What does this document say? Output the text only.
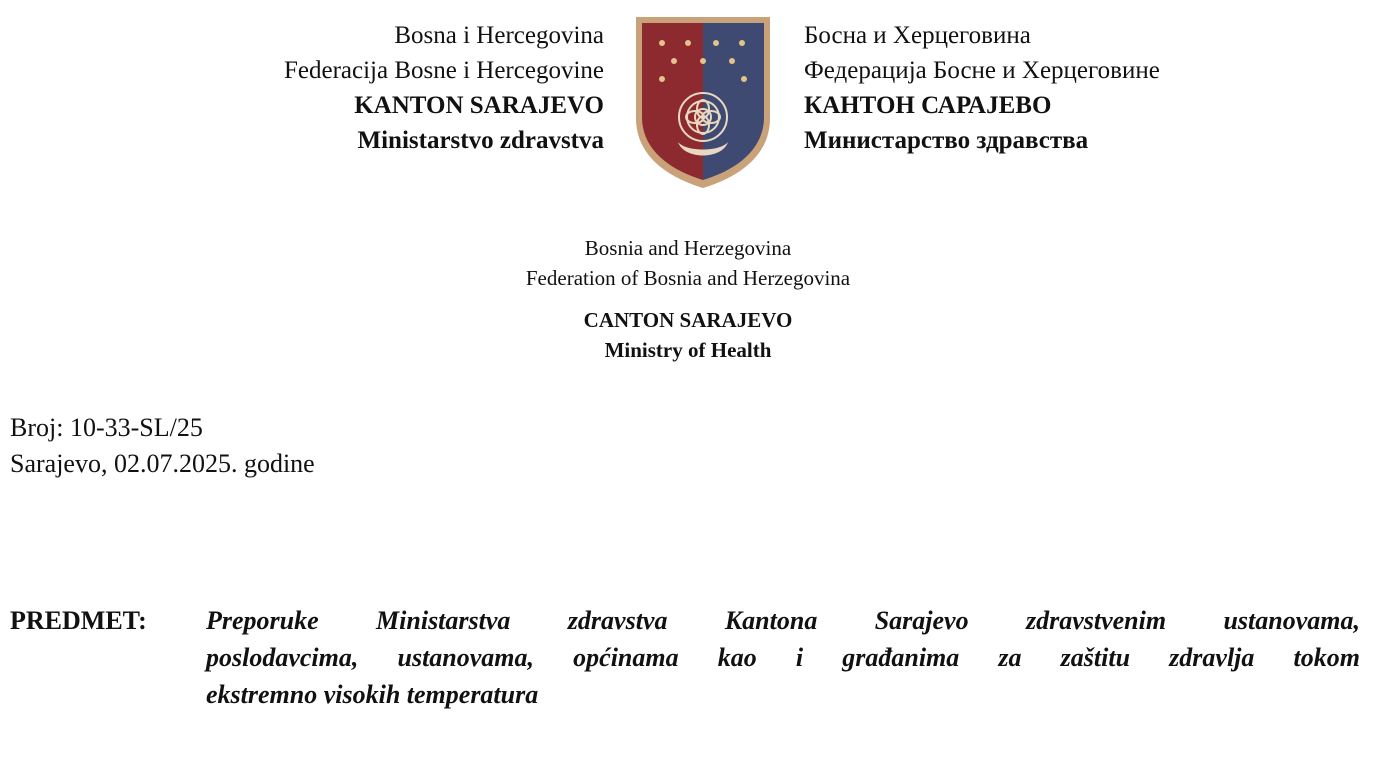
Bosna i Hercegovina
Federacija Bosne i Hercegovine
KANTON SARAJEVO
Ministarstvo zdravstva
Босна и Херцеговина
Федерација Босне и Херцеговине
КАНТОН САРАЈЕВО
Министарство здравства
Bosnia and Herzegovina
Federation of Bosnia and Herzegovina
CANTON SARAJEVO
Ministry of Health
Broj: 10-33-SL/25
Sarajevo, 02.07.2025. godine
PREDMET: Preporuke Ministarstva zdravstva Kantona Sarajevo zdravstvenim ustanovama,
poslodavcima, ustanovama, općinama kao i građanima za zaštitu zdravlja tokom
ekstremno visokih temperatura
